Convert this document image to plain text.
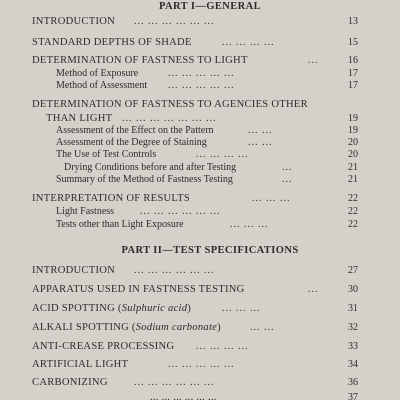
PART I—GENERAL
INTRODUCTION ... ... ... ... ... ...	13
STANDARD DEPTHS OF SHADE	... ... ... ...	15
DETERMINATION OF FASTNESS TO LIGHT	...	16
Method of Exposure	... ... ... ... ...	17
Method of Assessment ... ... ... ... ...	17
DETERMINATION OF FASTNESS TO AGENCIES OTHER
THAN LIGHT ... ... ... ... ... ... ...	19
Assessment of the Effect on the Pattern	... ...	19
Assessment of the Degree of Staining	... ...	20
The Use of Test Controls	... ... ... ...	20
Drying Conditions before and after Testing	...	21
Summary of the Method of Fastness Testing	...	21
INTERPRETATION OF RESULTS	... ... ...	22
Light Fastness	... ... ... ... ... ...	22
Tests other than Light Exposure	... ... ...	22
PART II—TEST SPECIFICATIONS
INTRODUCTION ... ... ... ... ... ...	27
APPARATUS USED IN FASTNESS TESTING	...	30
ACID SPOTTING (Sulphuric acid)	... ... ...	31
ALKALI SPOTTING (Sodium carbonate)	... ...	32
ANTI-CREASE PROCESSING ... ... ... ...	33
ARTIFICIAL LIGHT	... ... ... ... ...	34
CARBONIZING	... ... ... ... ... ...	36
... ... ... ... ... ...	37
